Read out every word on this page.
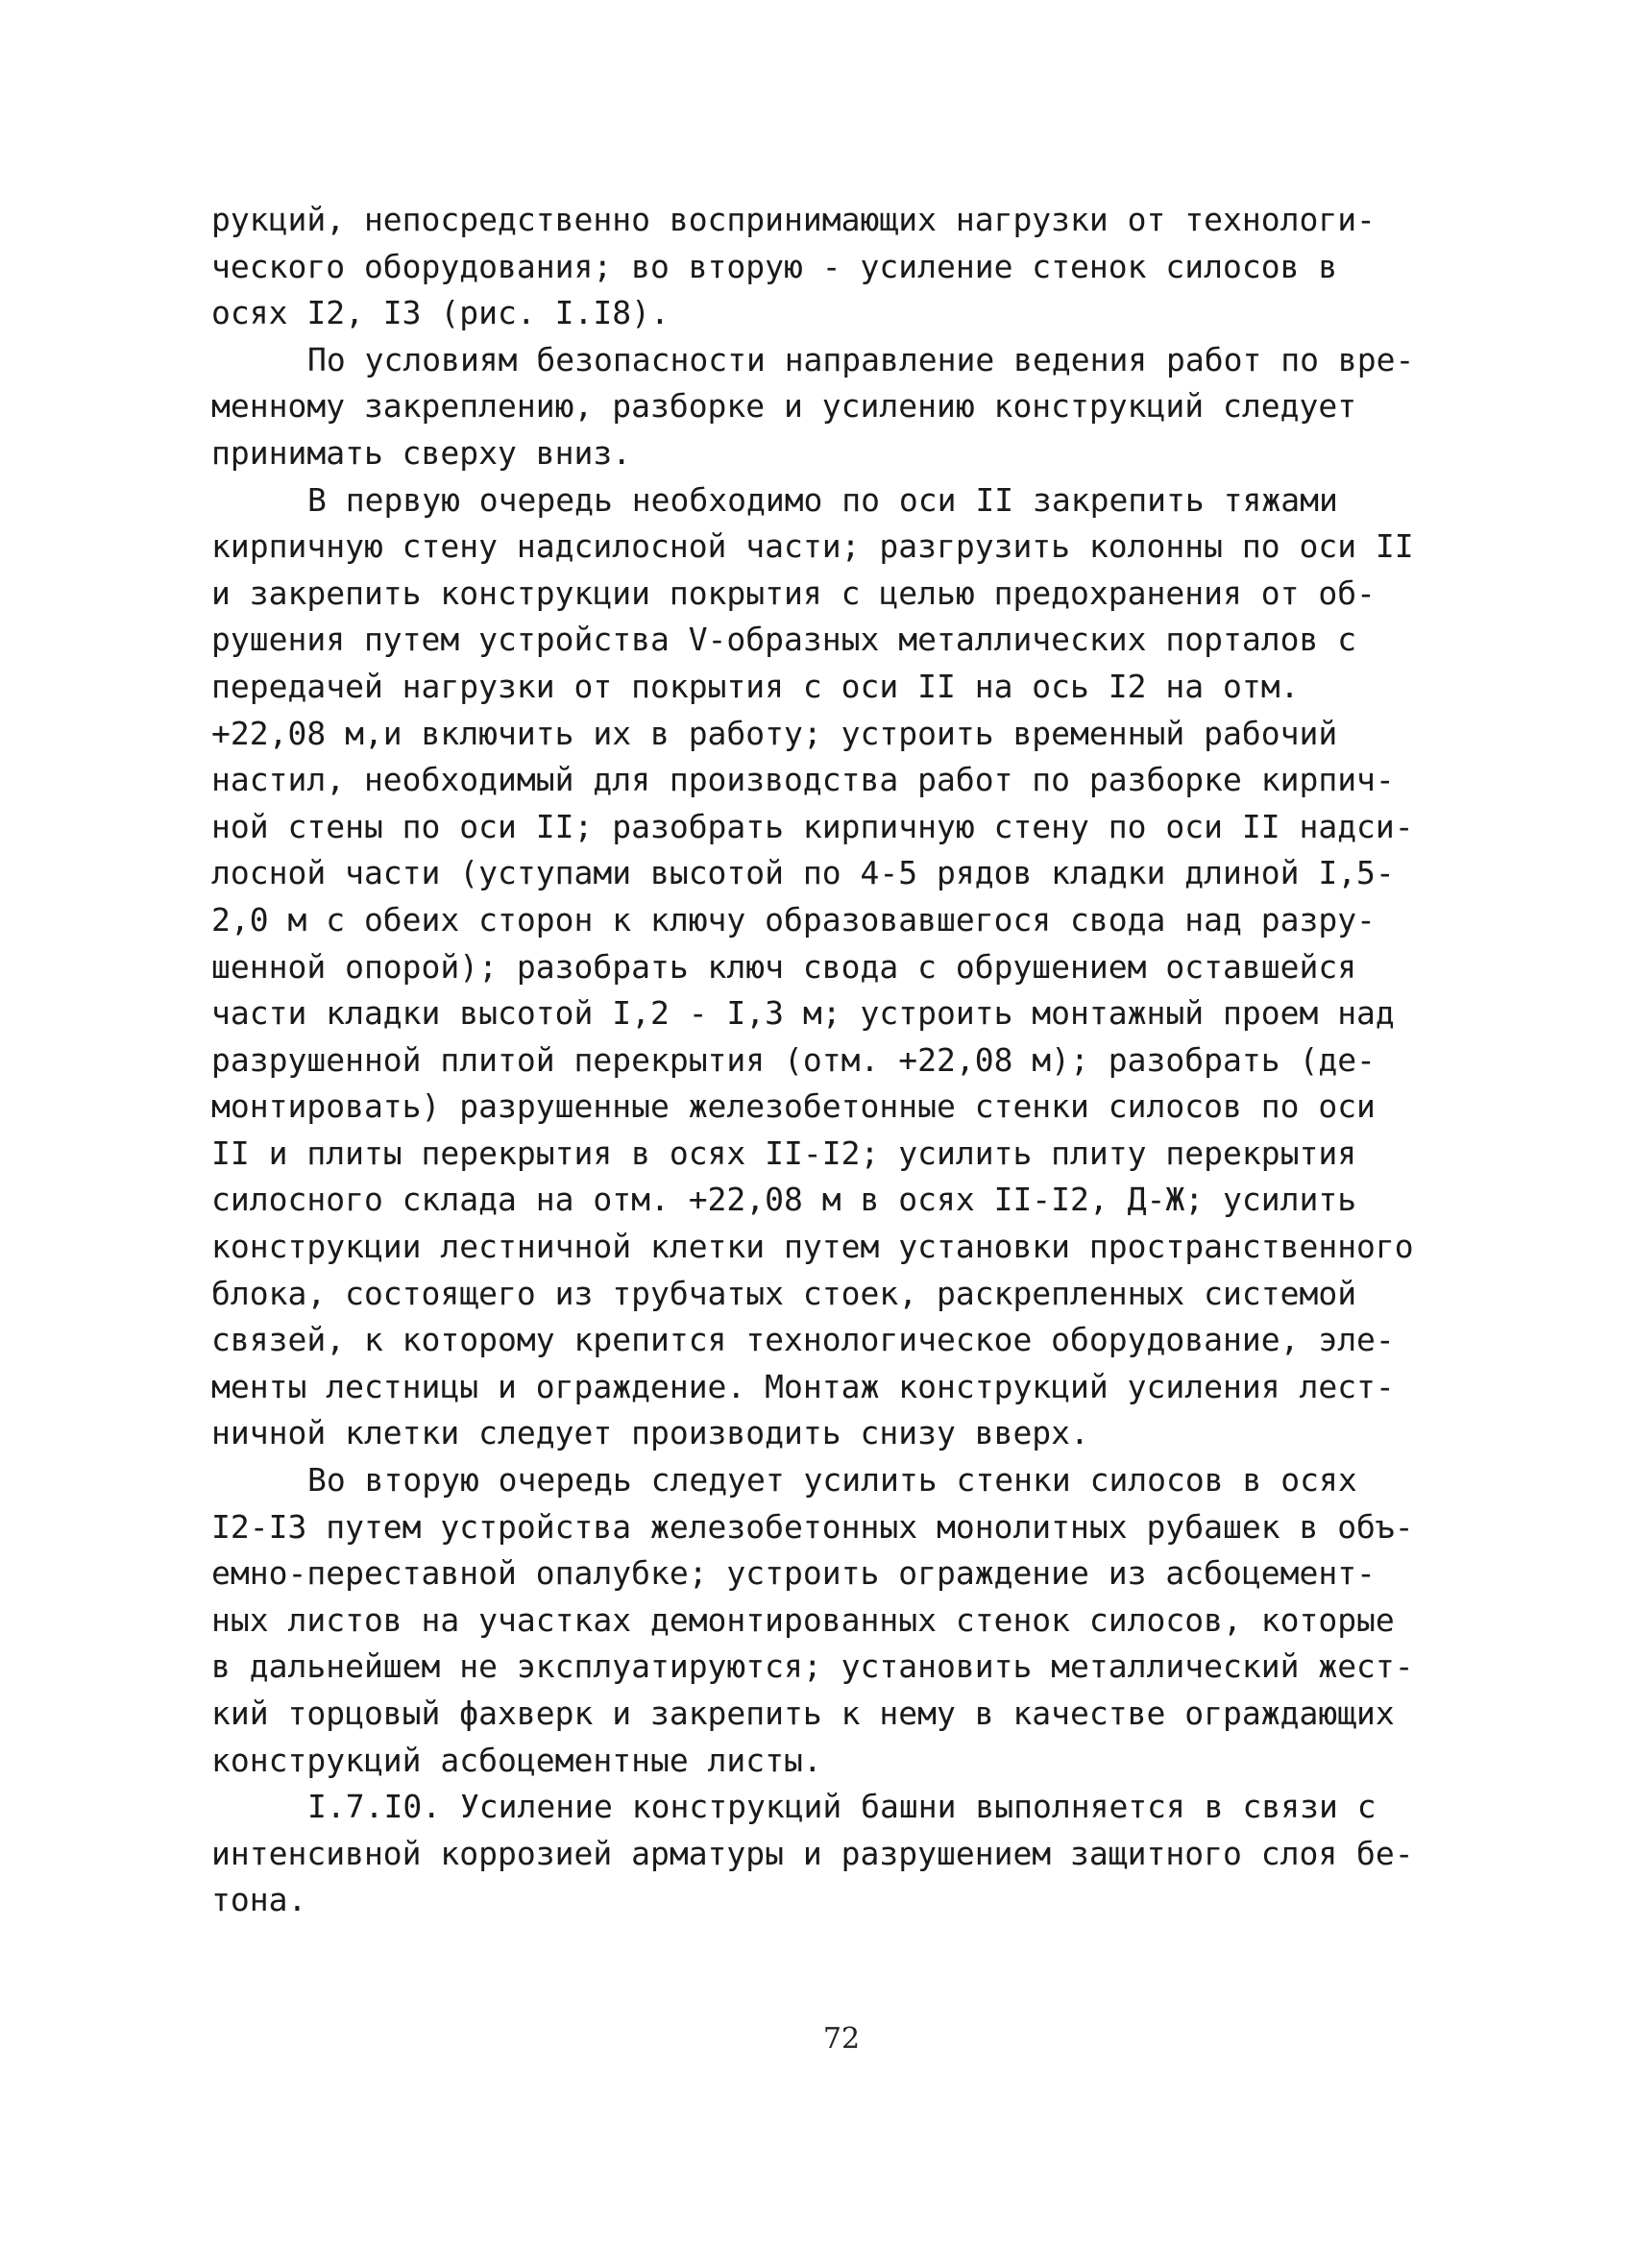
рукций, непосредственно воспринимающих нагрузки от технологи-
ческого оборудования; во вторую - усиление стенок силосов в
осях I2, I3 (рис. I.I8).
По условиям безопасности направление ведения работ по вре-
менному закреплению, разборке и усилению конструкций следует
принимать сверху вниз.
В первую очередь необходимо по оси II закрепить тяжами
кирпичную стену надсилосной части; разгрузить колонны по оси II
и закрепить конструкции покрытия с целью предохранения от об-
рушения путем устройства V-образных металлических порталов с
передачей нагрузки от покрытия с оси II на ось I2 на отм.
+22,08 м,и включить их в работу; устроить временный рабочий
настил, необходимый для производства работ по разборке кирпич-
ной стены по оси II; разобрать кирпичную стену по оси II надси-
лосной части (уступами высотой по 4-5 рядов кладки длиной I,5-
2,0 м с обеих сторон к ключу образовавшегося свода над разру-
шенной опорой); разобрать ключ свода с обрушением оставшейся
части кладки высотой I,2 - I,3 м; устроить монтажный проем над
разрушенной плитой перекрытия (отм. +22,08 м); разобрать (де-
монтировать) разрушенные железобетонные стенки силосов по оси
II и плиты перекрытия в осях II-I2; усилить плиту перекрытия
силосного склада на отм. +22,08 м в осях II-I2, Д-Ж; усилить
конструкции лестничной клетки путем установки пространственного
блока, состоящего из трубчатых стоек, раскрепленных системой
связей, к которому крепится технологическое оборудование, эле-
менты лестницы и ограждение. Монтаж конструкций усиления лест-
ничной клетки следует производить снизу вверх.
Во вторую очередь следует усилить стенки силосов в осях
I2-I3 путем устройства железобетонных монолитных рубашек в объ-
емно-переставной опалубке; устроить ограждение из асбоцемент-
ных листов на участках демонтированных стенок силосов, которые
в дальнейшем не эксплуатируются; установить металлический жест-
кий торцовый фахверк и закрепить к нему в качестве ограждающих
конструкций асбоцементные листы.
I.7.I0. Усиление конструкций башни выполняется в связи с
интенсивной коррозией арматуры и разрушением защитного слоя бе-
тона.
72
